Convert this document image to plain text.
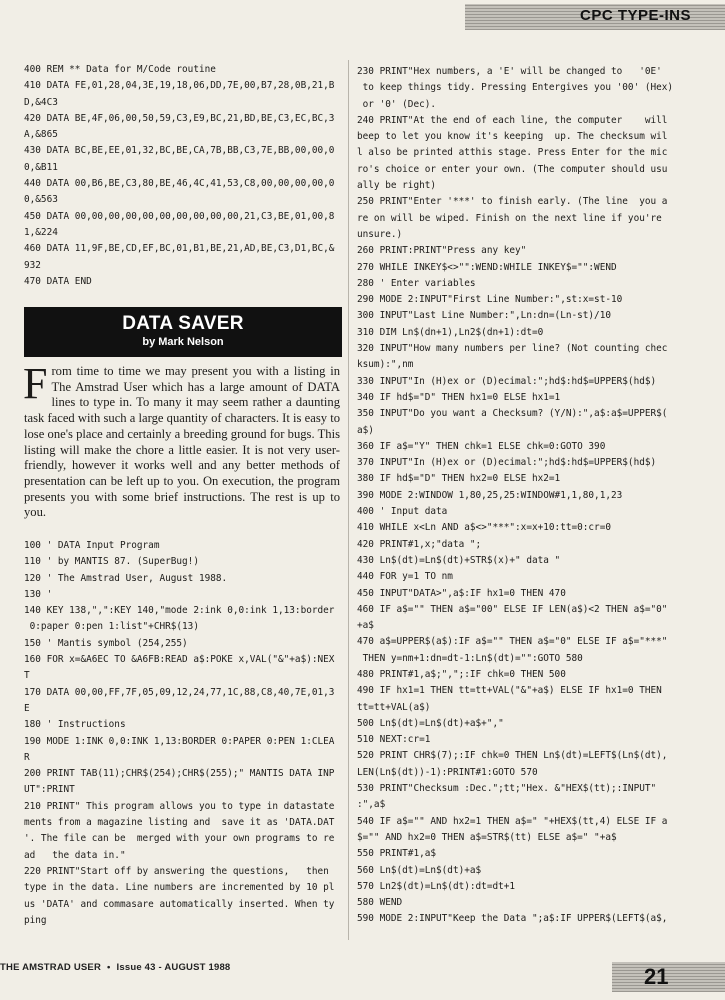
CPC TYPE-INS
400 REM ** Data for M/Code routine
410 DATA FE,01,28,04,3E,19,18,06,DD,7E,00,B7,28,0B,21,B
D,&4C3
420 DATA BE,4F,06,00,50,59,C3,E9,BC,21,BD,BE,C3,EC,BC,3
A,&865
430 DATA BC,BE,EE,01,32,BC,BE,CA,7B,BB,C3,7E,BB,00,00,0
0,&B11
440 DATA 00,B6,BE,C3,80,BE,46,4C,41,53,C8,00,00,00,00,0
0,&563
450 DATA 00,00,00,00,00,00,00,00,00,00,21,C3,BE,01,00,8
1,&224
460 DATA 11,9F,BE,CD,EF,BC,01,B1,BE,21,AD,BE,C3,D1,BC,&
932
470 DATA END
DATA SAVER
by Mark Nelson
From time to time we may present you with a listing in The Amstrad User which has a large amount of DATA lines to type in. To many it may seem rather a daunting task faced with such a large quantity of characters. It is easy to lose one's place and certainly a breeding ground for bugs. This listing will make the chore a little easier. It is not very user-friendly, however it works well and any better methods of presentation can be left up to you. On execution, the program presents you with some brief instructions. The rest is up to you.
100 ' DATA Input Program
110 ' by MANTIS 87. (SuperBug!)
120 ' The Amstrad User, August 1988.
130 '
140 KEY 138,",":KEY 140,"mode 2:ink 0,0:ink 1,13:border
0:paper 0:pen 1:list"+CHR$(13)
150 ' Mantis symbol (254,255)
160 FOR x=&A6EC TO &A6FB:READ a$:POKE x,VAL("&"+a$):NEX
T
170 DATA 00,00,FF,7F,05,09,12,24,77,1C,88,C8,40,7E,01,3
E
180 ' Instructions
190 MODE 1:INK 0,0:INK 1,13:BORDER 0:PAPER 0:PEN 1:CLEA
R
200 PRINT TAB(11);CHR$(254);CHR$(255);" MANTIS DATA INP
UT":PRINT
210 PRINT" This program allows you to type in datastate
ments from a magazine listing and  save it as 'DATA.DAT
'. The file can be  merged with your own programs to re
ad   the data in."
220 PRINT"Start off by answering the questions,   then
type in the data. Line numbers are incremented by 10 pl
us 'DATA' and commasare automatically inserted. When ty
ping
230 PRINT"Hex numbers, a 'E' will be changed to   '0E'
to keep things tidy. Pressing Entergives you '00' (Hex)
or '0' (Dec).
240 PRINT"At the end of each line, the computer    will
beep to let you know it's keeping  up. The checksum wil
l also be printed atthis stage. Press Enter for the mic
ro's choice or enter your own. (The computer should usu
ally be right)
250 PRINT"Enter '***' to finish early. (The line  you a
re on will be wiped. Finish on the next line if you're
unsure.)
260 PRINT:PRINT"Press any key"
270 WHILE INKEY$<>"":WEND:WHILE INKEY$="":WEND
280 ' Enter variables
290 MODE 2:INPUT"First Line Number:",st:x=st-10
300 INPUT"Last Line Number:",Ln:dn=(Ln-st)/10
310 DIM Ln$(dn+1),Ln2$(dn+1):dt=0
320 INPUT"How many numbers per line? (Not counting chec
ksum):",nm
330 INPUT"In (H)ex or (D)ecimal:";hd$:hd$=UPPER$(hd$)
340 IF hd$="D" THEN hx1=0 ELSE hx1=1
350 INPUT"Do you want a Checksum? (Y/N):",a$:a$=UPPER$(
a$)
360 IF a$="Y" THEN chk=1 ELSE chk=0:GOTO 390
370 INPUT"In (H)ex or (D)ecimal:";hd$:hd$=UPPER$(hd$)
380 IF hd$="D" THEN hx2=0 ELSE hx2=1
390 MODE 2:WINDOW 1,80,25,25:WINDOW#1,1,80,1,23
400 ' Input data
410 WHILE x<Ln AND a$<>"***":x=x+10:tt=0:cr=0
420 PRINT#1,x;"data ";
430 Ln$(dt)=Ln$(dt)+STR$(x)+" data "
440 FOR y=1 TO nm
450 INPUT"DATA>",a$:IF hx1=0 THEN 470
460 IF a$="" THEN a$="00" ELSE IF LEN(a$)<2 THEN a$="0"
+a$
470 a$=UPPER$(a$):IF a$="" THEN a$="0" ELSE IF a$="***"
THEN y=nm+1:dn=dt-1:Ln$(dt)="":GOTO 580
480 PRINT#1,a$;",";:IF chk=0 THEN 500
490 IF hx1=1 THEN tt=tt+VAL("&"+a$) ELSE IF hx1=0 THEN
tt=tt+VAL(a$)
500 Ln$(dt)=Ln$(dt)+a$+","
510 NEXT:cr=1
520 PRINT CHR$(7);:IF chk=0 THEN Ln$(dt)=LEFT$(Ln$(dt),
LEN(Ln$(dt))-1):PRINT#1:GOTO 570
530 PRINT"Checksum :Dec.";tt;"Hex. &"HEX$(tt);:INPUT"
:",a$
540 IF a$="" AND hx2=1 THEN a$=" "+HEX$(tt,4) ELSE IF a
$="" AND hx2=0 THEN a$=STR$(tt) ELSE a$=" "+a$
550 PRINT#1,a$
560 Ln$(dt)=Ln$(dt)+a$
570 Ln2$(dt)=Ln$(dt):dt=dt+1
580 WEND
590 MODE 2:INPUT"Keep the Data ";a$:IF UPPER$(LEFT$(a$,
THE AMSTRAD USER • Issue 43 - AUGUST 1988	21
